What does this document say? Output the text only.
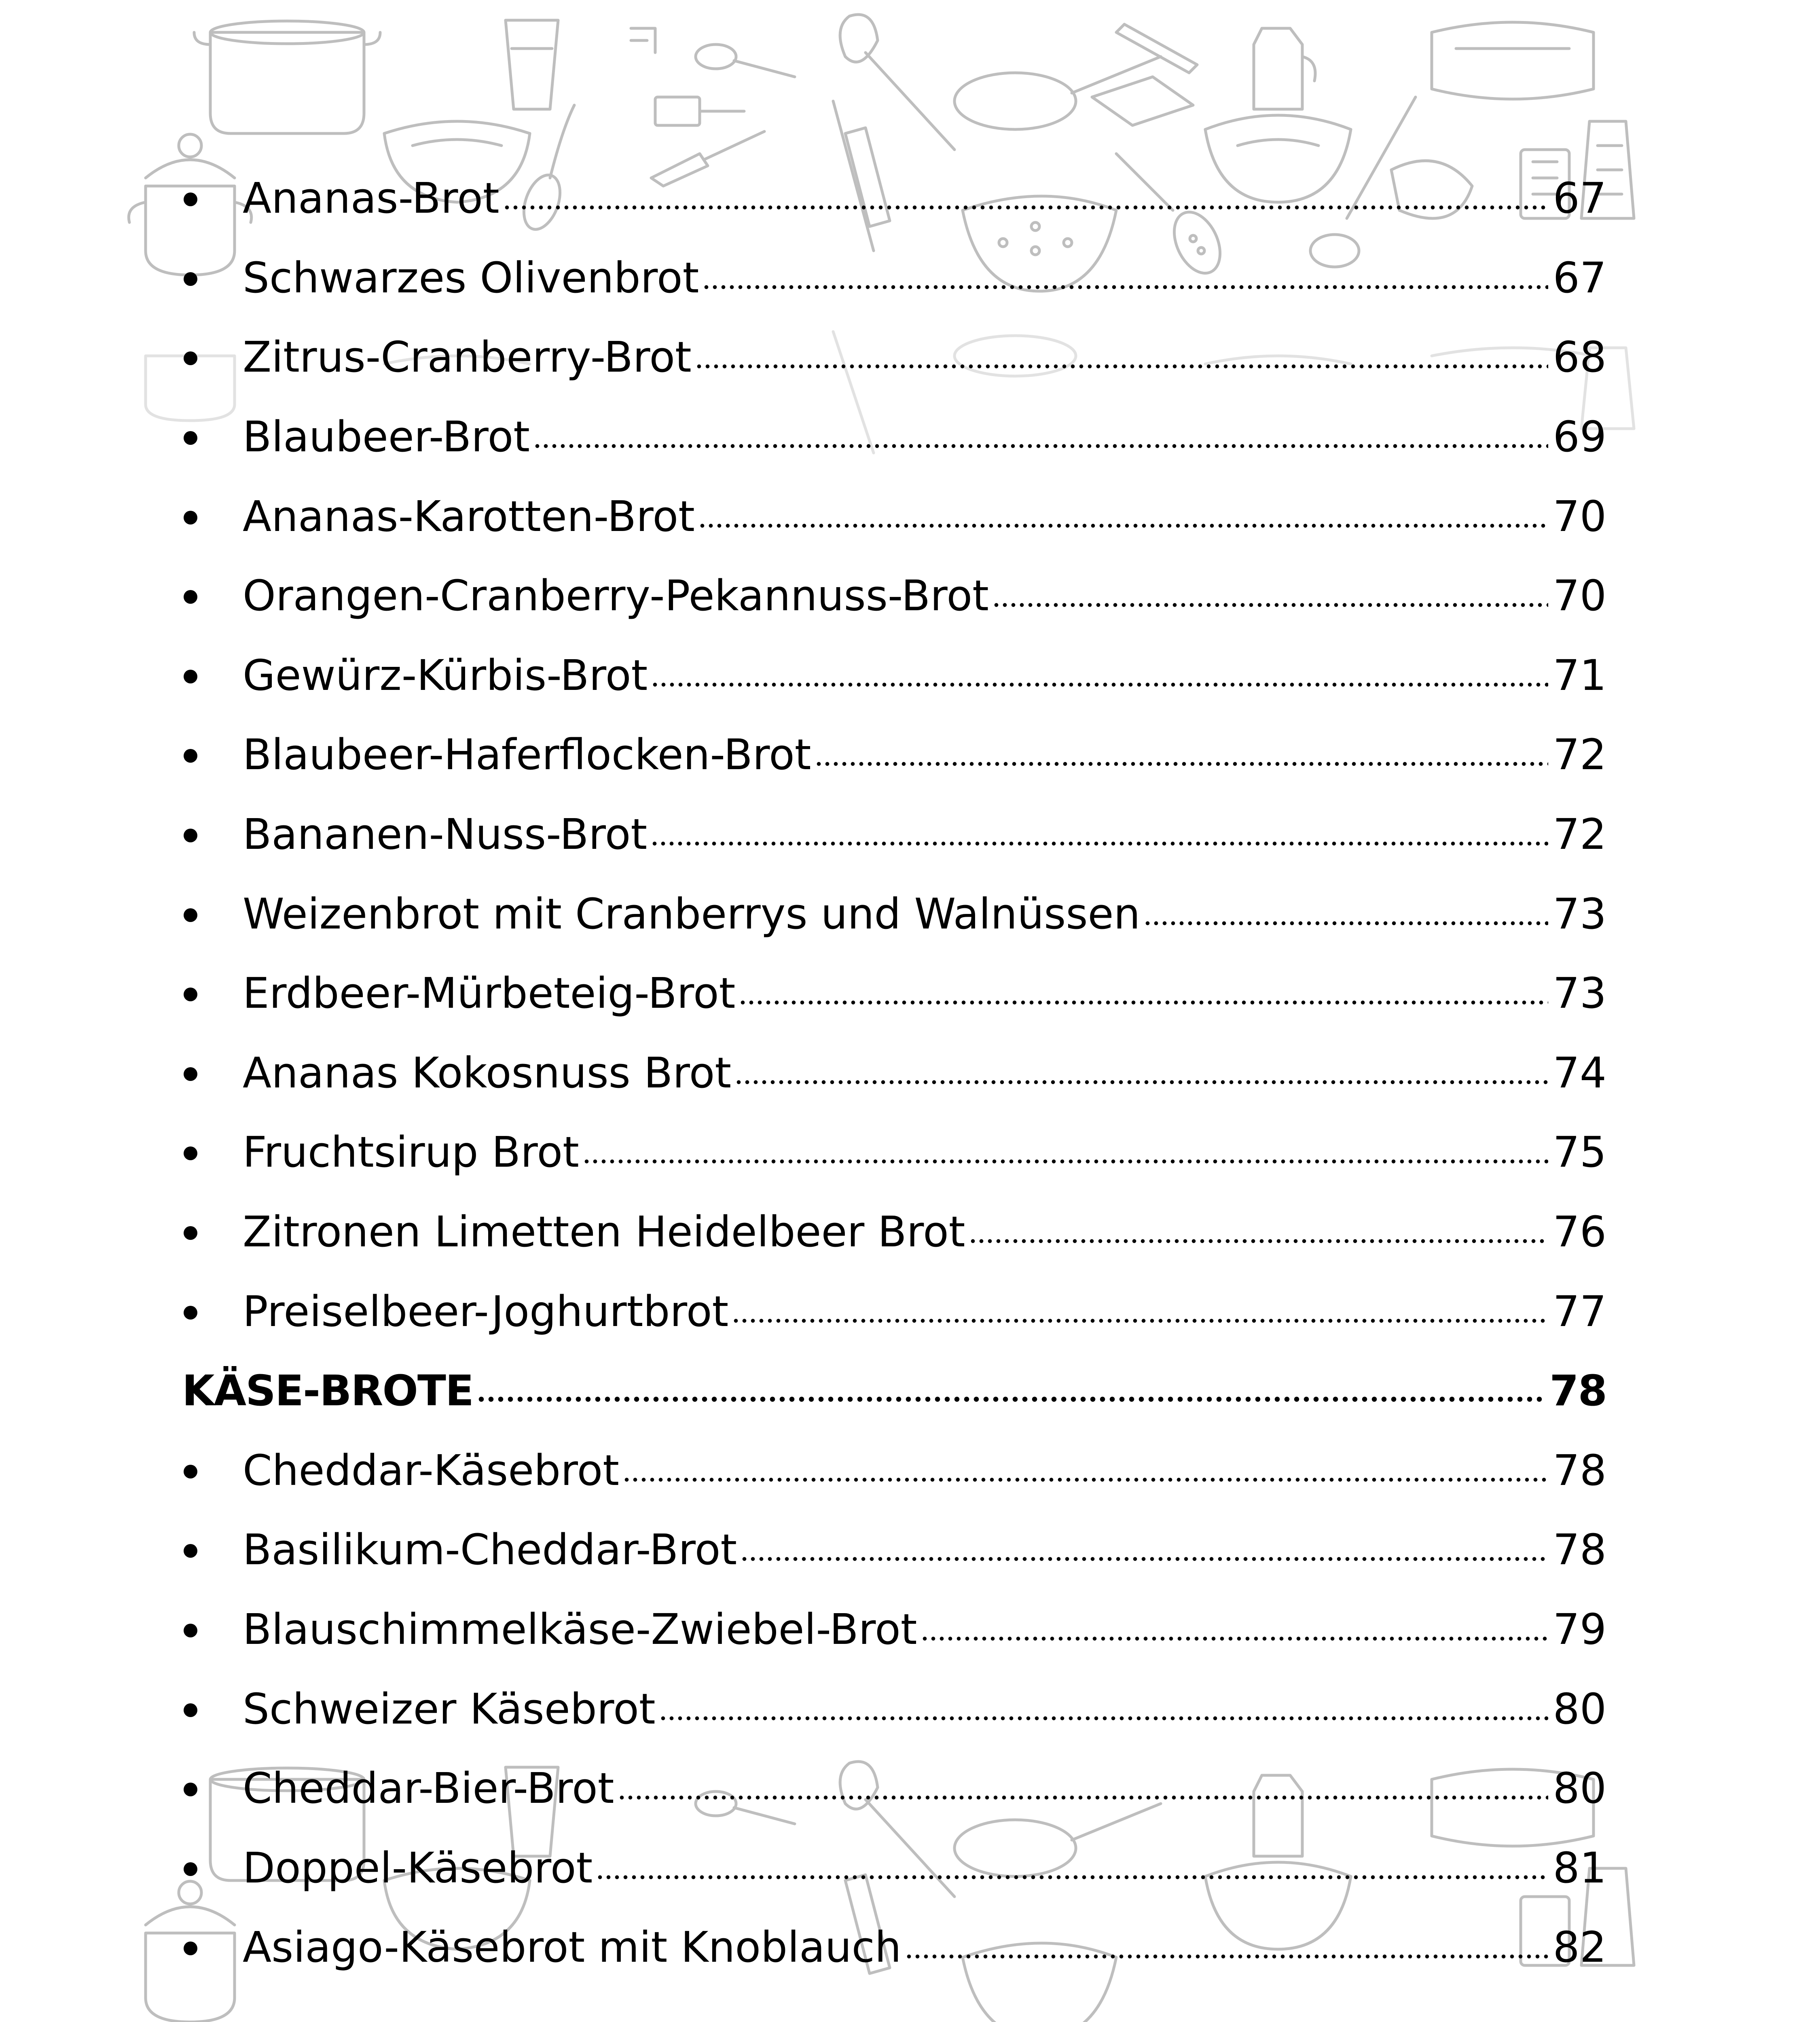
Ananas-Brot	67
Schwarzes Olivenbrot	67
Zitrus-Cranberry-Brot	68
Blaubeer-Brot	69
Ananas-Karotten-Brot	70
Orangen-Cranberry-Pekannuss-Brot	70
Gewürz-Kürbis-Brot	71
Blaubeer-Haferflocken-Brot	72
Bananen-Nuss-Brot	72
Weizenbrot mit Cranberrys und Walnüssen	73
Erdbeer-Mürbeteig-Brot	73
Ananas Kokosnuss Brot	74
Fruchtsirup Brot	75
Zitronen Limetten Heidelbeer Brot	76
Preiselbeer-Joghurtbrot	77
KÄSE-BROTE	78
Cheddar-Käsebrot	78
Basilikum-Cheddar-Brot	78
Blauschimmelkäse-Zwiebel-Brot	79
Schweizer Käsebrot	80
Cheddar-Bier-Brot	80
Doppel-Käsebrot	81
Asiago-Käsebrot mit Knoblauch	82
